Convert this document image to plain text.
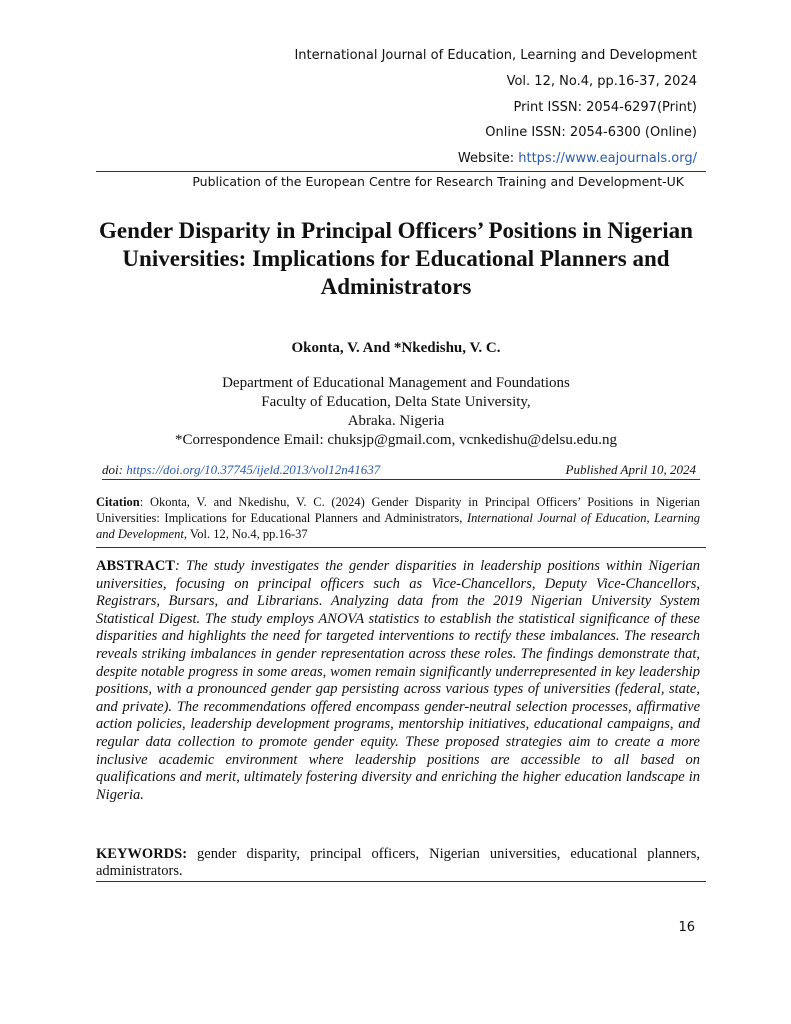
International Journal of Education, Learning and Development
Vol. 12, No.4, pp.16-37, 2024
Print ISSN: 2054-6297(Print)
Online ISSN: 2054-6300 (Online)
Website: https://www.eajournals.org/
Publication of the European Centre for Research Training and Development-UK
Gender Disparity in Principal Officers’ Positions in Nigerian Universities: Implications for Educational Planners and Administrators
Okonta, V. And *Nkedishu, V. C.
Department of Educational Management and Foundations
Faculty of Education, Delta State University,
Abraka. Nigeria
*Correspondence Email: chuksjp@gmail.com, vcnkedishu@delsu.edu.ng
doi: https://doi.org/10.37745/ijeld.2013/vol12n41637	Published April 10, 2024
Citation: Okonta, V. and Nkedishu, V. C. (2024) Gender Disparity in Principal Officers’ Positions in Nigerian Universities: Implications for Educational Planners and Administrators, International Journal of Education, Learning and Development, Vol. 12, No.4, pp.16-37
ABSTRACT: The study investigates the gender disparities in leadership positions within Nigerian universities, focusing on principal officers such as Vice-Chancellors, Deputy Vice-Chancellors, Registrars, Bursars, and Librarians. Analyzing data from the 2019 Nigerian University System Statistical Digest. The study employs ANOVA statistics to establish the statistical significance of these disparities and highlights the need for targeted interventions to rectify these imbalances. The research reveals striking imbalances in gender representation across these roles. The findings demonstrate that, despite notable progress in some areas, women remain significantly underrepresented in key leadership positions, with a pronounced gender gap persisting across various types of universities (federal, state, and private). The recommendations offered encompass gender-neutral selection processes, affirmative action policies, leadership development programs, mentorship initiatives, educational campaigns, and regular data collection to promote gender equity. These proposed strategies aim to create a more inclusive academic environment where leadership positions are accessible to all based on qualifications and merit, ultimately fostering diversity and enriching the higher education landscape in Nigeria.
KEYWORDS: gender disparity, principal officers, Nigerian universities, educational planners, administrators.
16
